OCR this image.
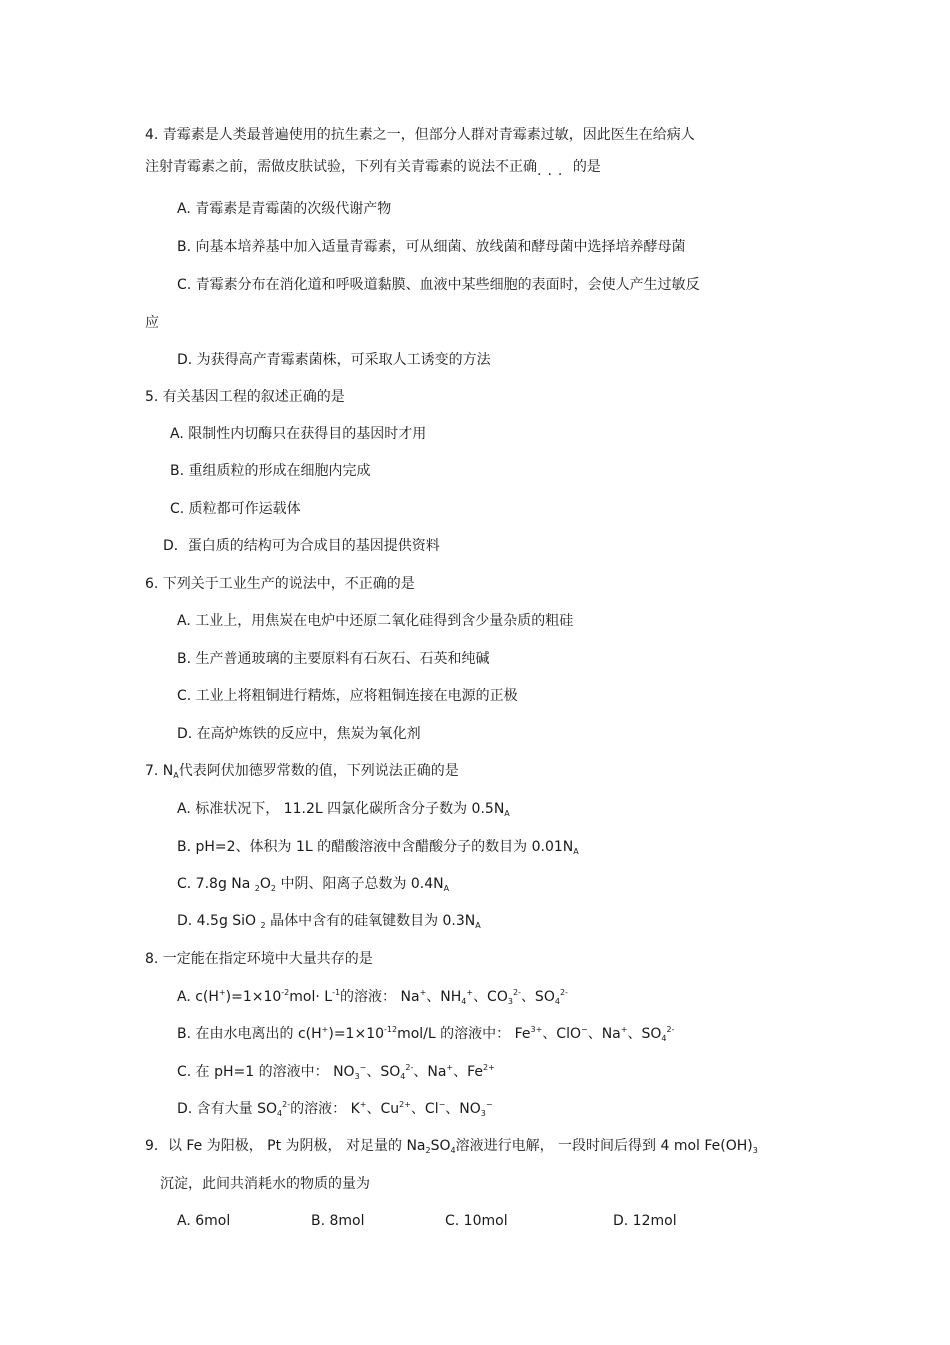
4. 青霉素是人类最普遍使用的抗生素之一，但部分人群对青霉素过敏，因此医生在给病人
注射青霉素之前，需做皮肤试验，下列有关青霉素的说法不正确... 的是
A. 青霉素是青霉菌的次级代谢产物
B. 向基本培养基中加入适量青霉素，可从细菌、放线菌和酵母菌中选择培养酵母菌
C. 青霉素分布在消化道和呼吸道黏膜、血液中某些细胞的表面时，会使人产生过敏反
应
D. 为获得高产青霉素菌株，可采取人工诱变的方法
5. 有关基因工程的叙述正确的是
A. 限制性内切酶只在获得目的基因时才用
B. 重组质粒的形成在细胞内完成
C. 质粒都可作运载体
D．蛋白质的结构可为合成目的基因提供资料
6. 下列关于工业生产的说法中，不正确的是
A. 工业上，用焦炭在电炉中还原二氧化硅得到含少量杂质的粗硅
B. 生产普通玻璃的主要原料有石灰石、石英和纯碱
C. 工业上将粗铜进行精炼，应将粗铜连接在电源的正极
D. 在高炉炼铁的反应中，焦炭为氧化剂
7. $N_A$代表阿伏加德罗常数的值，下列说法正确的是
A. 标准状况下， 11.2L 四氯化碳所含分子数为 $0.5N_A$
B. pH=2、体积为 1L 的醋酸溶液中含醋酸分子的数目为 $0.01N_A$
C. 7.8g Na $_2O_2$ 中阴、阳离子总数为 $0.4N_A$
D. 4.5g SiO $_2$ 晶体中含有的硅氧键数目为 $0.3N_A$
8. 一定能在指定环境中大量共存的是
A. $c(H^+)=1\times 10^{-2}mol\cdot L^{-1}$的溶液： Na+、$NH_4^+$、$CO_3^{2-}$、$SO_4^{2-}$
B. 在由水电离出的 $c(H^+)=1\times 10^{-12}mol/L$ 的溶液中： $Fe^{3+}$、ClO−、Na+、$SO_4^{2-}$
C. 在 pH=1 的溶液中： $NO_3^-$、$SO_4^{2-}$、Na+、$Fe^{2+}$
D. 含有大量 $SO_4^{2-}$的溶液： K+、$Cu^{2+}$、Cl−、$NO_3^-$
9．以 Fe 为阳极， Pt 为阴极， 对足量的 $Na_2SO_4$溶液进行电解， 一段时间后得到 4 mol $Fe(OH)_3$
沉淀，此间共消耗水的物质的量为
A. 6mol	B. 8mol	C. 10mol	D. 12mol
